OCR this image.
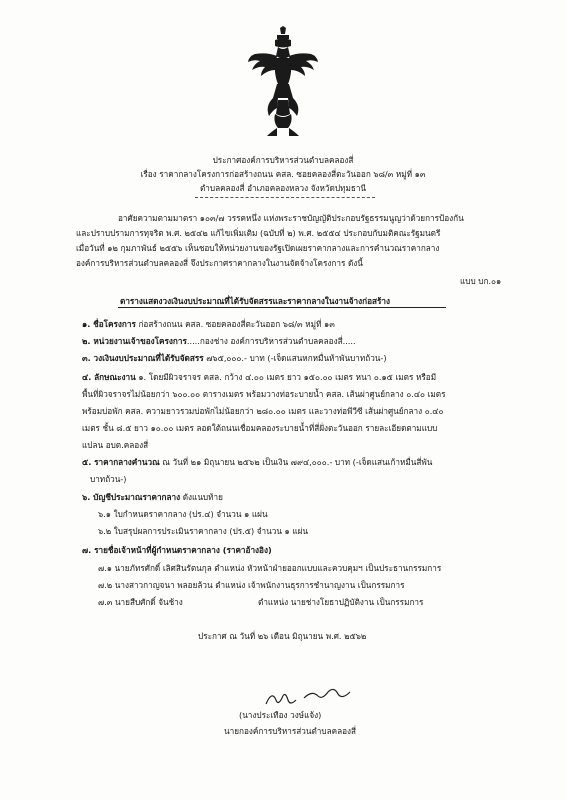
ประกาศองค์การบริหารส่วนตำบลคลองสี่
เรื่อง ราคากลางโครงการก่อสร้างถนน คสล. ซอยคลองสี่ตะวันออก ๖๘/๓ หมู่ที่ ๑๓
ตำบลคลองสี่ อำเภอคลองหลวง จังหวัดปทุมธานี
อาศัยความตามมาตรา ๑๐๓/๗ วรรคหนึ่ง แห่งพระราชบัญญัติประกอบรัฐธรรมนูญว่าด้วยการป้องกัน
และปราบปรามการทุจริต พ.ศ. ๒๕๔๒ แก้ไขเพิ่มเติม (ฉบับที่ ๒) พ.ศ. ๒๕๕๔ ประกอบกับมติคณะรัฐมนตรี
เมื่อวันที่ ๑๒ กุมภาพันธ์ ๒๕๕๖ เห็นชอบให้หน่วยงานของรัฐเปิดเผยราคากลางและการคำนวณราคากลาง
องค์การบริหารส่วนตำบลคลองสี่ จึงประกาศราคากลางในงานจัดจ้างโครงการ ดังนี้
แบบ บก.๐๑
ตารางแสดงวงเงินงบประมาณที่ได้รับจัดสรรและราคากลางในงานจ้างก่อสร้าง
๑. ชื่อโครงการ ก่อสร้างถนน คสล. ซอยคลองสี่ตะวันออก ๖๘/๓ หมู่ที่ ๑๓
๒. หน่วยงานเจ้าของโครงการ.....กองช่าง องค์การบริหารส่วนตำบลคลองสี่.....
๓. วงเงินงบประมาณที่ได้รับจัดสรร ๗๖๕,๐๐๐.- บาท (-เจ็ดแสนหกหมื่นห้าพันบาทถ้วน-)
๔. ลักษณะงาน ๑. โดยมีผิวจราจร คสล. กว้าง ๔.๐๐ เมตร ยาว ๑๕๐.๐๐ เมตร หนา ๐.๑๕ เมตร หรือมี
พื้นที่ผิวจราจรไม่น้อยกว่า ๖๐๐.๐๐ ตารางเมตร พร้อมวางท่อระบายน้ำ คสล. เส้นผ่าศูนย์กลาง ๐.๔๐ เมตร
พร้อมบ่อพัก คสล. ความยาวรวมบ่อพักไม่น้อยกว่า ๒๘๐.๐๐ เมตร และวางท่อพีวีซี เส้นผ่าศูนย์กลาง ๐.๔๐
เมตร ชั้น ๘.๕ ยาว ๑๐.๐๐ เมตร ลอดใต้ถนนเชื่อมคลองระบายน้ำที่สี่ฝั่งตะวันออก รายละเอียดตามแบบ
แปลน อบต.คลองสี่
๕. ราคากลางคำนวณ ณ วันที่ ๒๑ มิถุนายน ๒๕๖๒ เป็นเงิน ๗๙๔,๐๐๐.- บาท (-เจ็ดแสนเก้าหมื่นสี่พัน
บาทถ้วน-)
๖. บัญชีประมาณราคากลาง ดังแนบท้าย
๖.๑ ใบกำหนดราคากลาง (ปร.๔) จำนวน ๑ แผ่น
๖.๒ ใบสรุปผลการประเมินราคากลาง (ปร.๕) จำนวน ๑ แผ่น
๗. รายชื่อเจ้าหน้าที่ผู้กำหนดราคากลาง (ราคาอ้างอิง)
๗.๑ นายภัทรศักดิ์ เลิศสินรัตนกุล ตำแหน่ง หัวหน้าฝ่ายออกแบบและควบคุมฯ เป็นประธานกรรมการ
๗.๒ นางสาวกาญจนา พลอยล้วน ตำแหน่ง เจ้าพนักงานธุรการชำนาญงาน เป็นกรรมการ
๗.๓ นายสืบศักดิ์ จันช้าง	ตำแหน่ง นายช่างโยธาปฏิบัติงาน เป็นกรรมการ
ประกาศ ณ วันที่ ๒๖ เดือน มิถุนายน พ.ศ. ๒๕๖๒
(นางประเทือง วงษ์แจ้ง)
นายกองค์การบริหารส่วนตำบลคลองสี่
